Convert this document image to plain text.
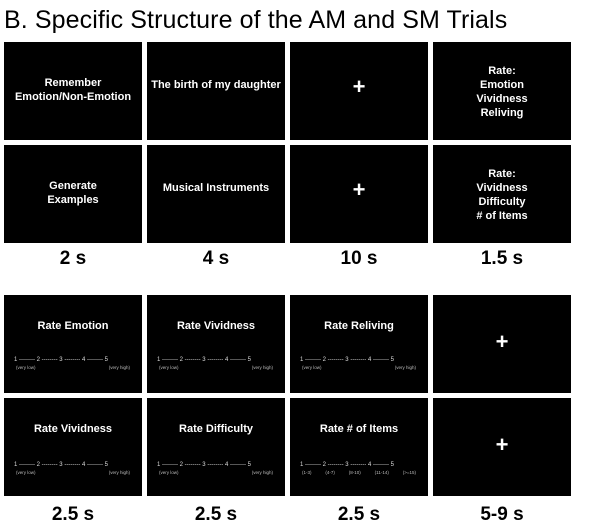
B. Specific Structure of the AM and SM Trials
Remember
Emotion/Non-Emotion
The birth of my daughter	+
Rate:
Emotion
Vividness
Reliving
Generate
Examples
Musical Instruments	+
Rate:
Vividness
Difficulty
# of Items
2 s	4 s	10 s	1.5 s
Rate Emotion
1 -------- 2 -------- 3 -------- 4 -------- 5
(very low)	(very high)
Rate Vividness
1 -------- 2 -------- 3 -------- 4 -------- 5
(very low)	(very high)
Rate Reliving
1 -------- 2 -------- 3 -------- 4 -------- 5
(very low)	(very high)
+
Rate Vividness
1 -------- 2 -------- 3 -------- 4 -------- 5
(very low)	(very high)
Rate Difficulty
1 -------- 2 -------- 3 -------- 4 -------- 5
(very low)	(very high)
Rate # of Items
1 -------- 2 -------- 3 -------- 4 -------- 5
(1-3)	(4-7)	(8-10)	(11-14)	(>=15)
+
2.5 s	2.5 s	2.5 s	5-9 s
